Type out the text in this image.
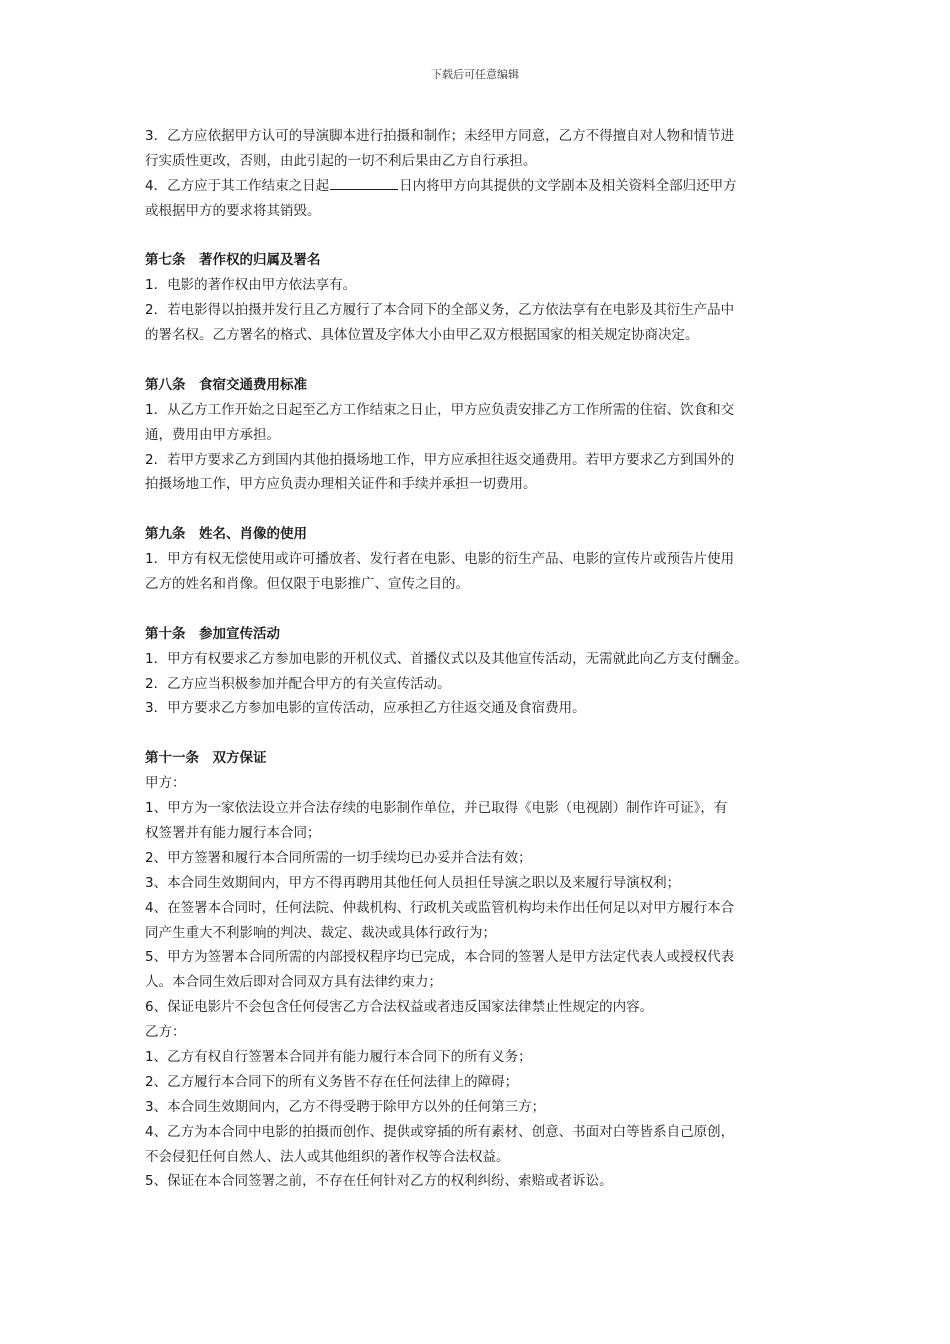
下载后可任意编辑
3．乙方应依据甲方认可的导演脚本进行拍摄和制作；未经甲方同意，乙方不得擅自对人物和情节进
行实质性更改，否则，由此引起的一切不利后果由乙方自行承担。
4．乙方应于其工作结束之日起	日内将甲方向其提供的文学剧本及相关资料全部归还甲方
或根据甲方的要求将其销毁。
第七条　著作权的归属及署名
1．电影的著作权由甲方依法享有。
2．若电影得以拍摄并发行且乙方履行了本合同下的全部义务，乙方依法享有在电影及其衍生产品中
的署名权。乙方署名的格式、具体位置及字体大小由甲乙双方根据国家的相关规定协商决定。
第八条　食宿交通费用标准
1．从乙方工作开始之日起至乙方工作结束之日止，甲方应负责安排乙方工作所需的住宿、饮食和交
通，费用由甲方承担。
2．若甲方要求乙方到国内其他拍摄场地工作，甲方应承担往返交通费用。若甲方要求乙方到国外的
拍摄场地工作，甲方应负责办理相关证件和手续并承担一切费用。
第九条　姓名、肖像的使用
1．甲方有权无偿使用或许可播放者、发行者在电影、电影的衍生产品、电影的宣传片或预告片使用
乙方的姓名和肖像。但仅限于电影推广、宣传之目的。
第十条　参加宣传活动
1．甲方有权要求乙方参加电影的开机仪式、首播仪式以及其他宣传活动，无需就此向乙方支付酬金。
2．乙方应当积极参加并配合甲方的有关宣传活动。
3．甲方要求乙方参加电影的宣传活动，应承担乙方往返交通及食宿费用。
第十一条　双方保证
甲方：
1、甲方为一家依法设立并合法存续的电影制作单位，并已取得《电影（电视剧）制作许可证》，有
权签署并有能力履行本合同；
2、甲方签署和履行本合同所需的一切手续均已办妥并合法有效；
3、本合同生效期间内，甲方不得再聘用其他任何人员担任导演之职以及来履行导演权利；
4、在签署本合同时，任何法院、仲裁机构、行政机关或监管机构均未作出任何足以对甲方履行本合
同产生重大不利影响的判决、裁定、裁决或具体行政行为；
5、甲方为签署本合同所需的内部授权程序均已完成，本合同的签署人是甲方法定代表人或授权代表
人。本合同生效后即对合同双方具有法律约束力；
6、保证电影片不会包含任何侵害乙方合法权益或者违反国家法律禁止性规定的内容。
乙方：
1、乙方有权自行签署本合同并有能力履行本合同下的所有义务；
2、乙方履行本合同下的所有义务皆不存在任何法律上的障碍；
3、本合同生效期间内，乙方不得受聘于除甲方以外的任何第三方；
4、乙方为本合同中电影的拍摄而创作、提供或穿插的所有素材、创意、书面对白等皆系自己原创，
不会侵犯任何自然人、法人或其他组织的著作权等合法权益。
5、保证在本合同签署之前，不存在任何针对乙方的权利纠纷、索赔或者诉讼。
